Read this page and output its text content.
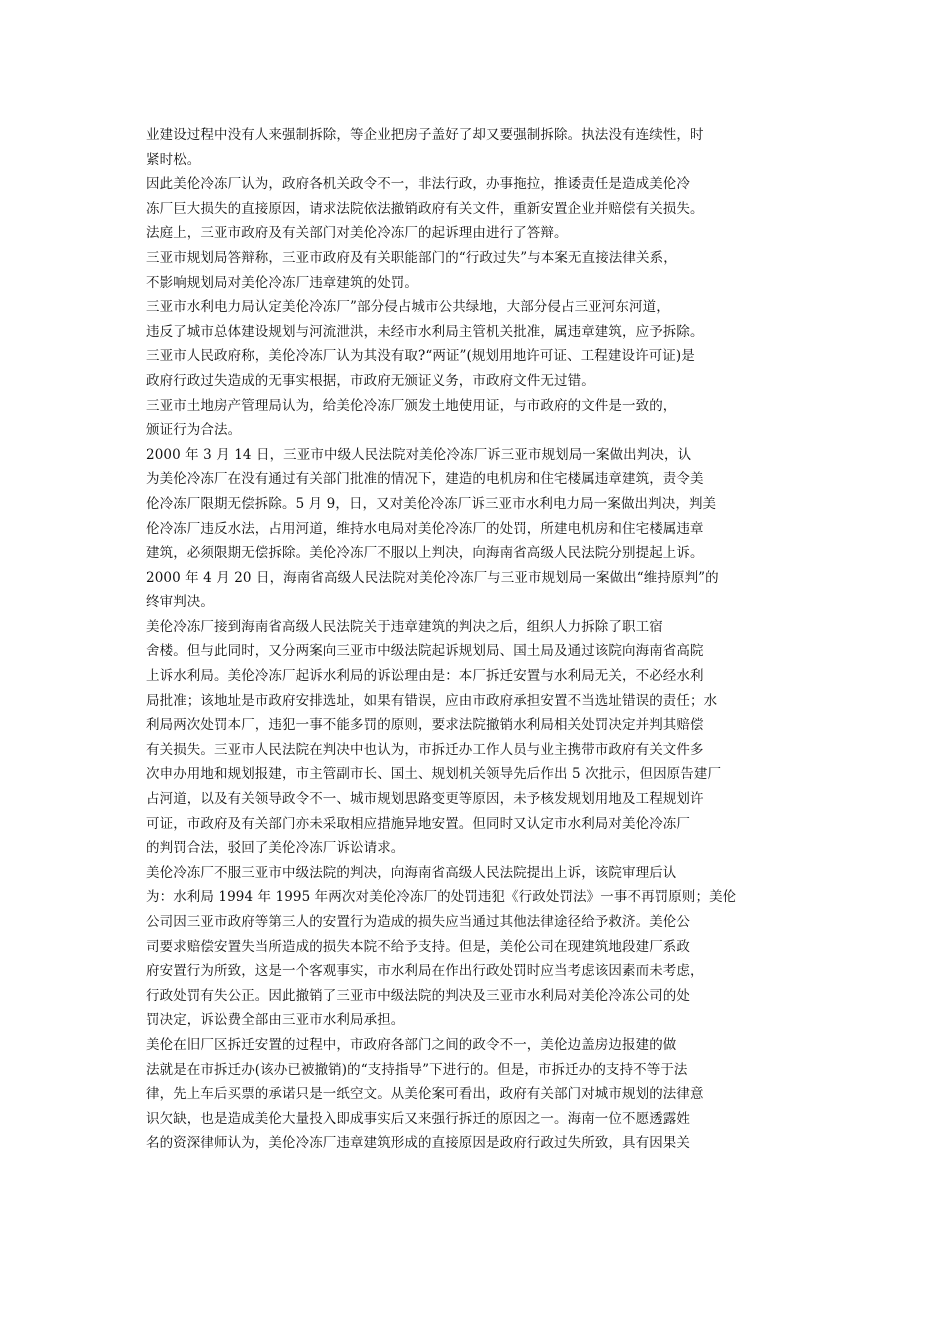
业建设过程中没有人来强制拆除，等企业把房子盖好了却又要强制拆除。执法没有连续性，时
紧时松。
因此美伦冷冻厂认为，政府各机关政令不一，非法行政，办事拖拉，推诿责任是造成美伦冷
冻厂巨大损失的直接原因，请求法院依法撤销政府有关文件，重新安置企业并赔偿有关损失。
法庭上，三亚市政府及有关部门对美伦冷冻厂的起诉理由进行了答辩。
三亚市规划局答辩称，三亚市政府及有关职能部门的“行政过失”与本案无直接法律关系，
不影响规划局对美伦冷冻厂违章建筑的处罚。
三亚市水利电力局认定美伦冷冻厂”部分侵占城市公共绿地，大部分侵占三亚河东河道，
违反了城市总体建设规划与河流泄洪，未经市水利局主管机关批准，属违章建筑，应予拆除。
三亚市人民政府称，美伦冷冻厂认为其没有取?“两证”(规划用地许可证、工程建设许可证)是
政府行政过失造成的无事实根据，市政府无颁证义务，市政府文件无过错。
三亚市土地房产管理局认为，给美伦冷冻厂颁发土地使用证，与市政府的文件是一致的，
颁证行为合法。
2000 年 3 月 14 日，三亚市中级人民法院对美伦冷冻厂诉三亚市规划局一案做出判决，认
为美伦冷冻厂在没有通过有关部门批准的情况下，建造的电机房和住宅楼属违章建筑，责令美
伦冷冻厂限期无偿拆除。5 月 9，日，又对美伦冷冻厂诉三亚市水利电力局一案做出判决，判美
伦冷冻厂违反水法，占用河道，维持水电局对美伦冷冻厂的处罚，所建电机房和住宅楼属违章
建筑，必须限期无偿拆除。美伦冷冻厂不服以上判决，向海南省高级人民法院分别提起上诉。
2000 年 4 月 20 日，海南省高级人民法院对美伦冷冻厂与三亚市规划局一案做出“维持原判”的
终审判决。
美伦冷冻厂接到海南省高级人民法院关于违章建筑的判决之后，组织人力拆除了职工宿
舍楼。但与此同时，又分两案向三亚市中级法院起诉规划局、国土局及通过该院向海南省高院
上诉水利局。美伦冷冻厂起诉水利局的诉讼理由是：本厂拆迁安置与水利局无关，不必经水利
局批准；该地址是市政府安排选址，如果有错误，应由市政府承担安置不当选址错误的责任；水
利局两次处罚本厂，违犯一事不能多罚的原则，要求法院撤销水利局相关处罚决定并判其赔偿
有关损失。三亚市人民法院在判决中也认为，市拆迁办工作人员与业主携带市政府有关文件多
次申办用地和规划报建，市主管副市长、国土、规划机关领导先后作出 5 次批示，但因原告建厂
占河道，以及有关领导政令不一、城市规划思路变更等原因，未予核发规划用地及工程规划许
可证，市政府及有关部门亦未采取相应措施异地安置。但同时又认定市水利局对美伦冷冻厂
的判罚合法，驳回了美伦冷冻厂诉讼请求。
美伦冷冻厂不服三亚市中级法院的判决，向海南省高级人民法院提出上诉，该院审理后认
为：水利局 1994 年 1995 年两次对美伦冷冻厂的处罚违犯《行政处罚法》一事不再罚原则；美伦
公司因三亚市政府等第三人的安置行为造成的损失应当通过其他法律途径给予救济。美伦公
司要求赔偿安置失当所造成的损失本院不给予支持。但是，美伦公司在现建筑地段建厂系政
府安置行为所致，这是一个客观事实，市水利局在作出行政处罚时应当考虑该因素而未考虑，
行政处罚有失公正。因此撤销了三亚市中级法院的判决及三亚市水利局对美伦冷冻公司的处
罚决定，诉讼费全部由三亚市水利局承担。
美伦在旧厂区拆迁安置的过程中，市政府各部门之间的政令不一，美伦边盖房边报建的做
法就是在市拆迁办(该办已被撤销)的“支持指导”下进行的。但是，市拆迁办的支持不等于法
律，先上车后买票的承诺只是一纸空文。从美伦案可看出，政府有关部门对城市规划的法律意
识欠缺，也是造成美伦大量投入即成事实后又来强行拆迁的原因之一。海南一位不愿透露姓
名的资深律师认为，美伦冷冻厂违章建筑形成的直接原因是政府行政过失所致，具有因果关
